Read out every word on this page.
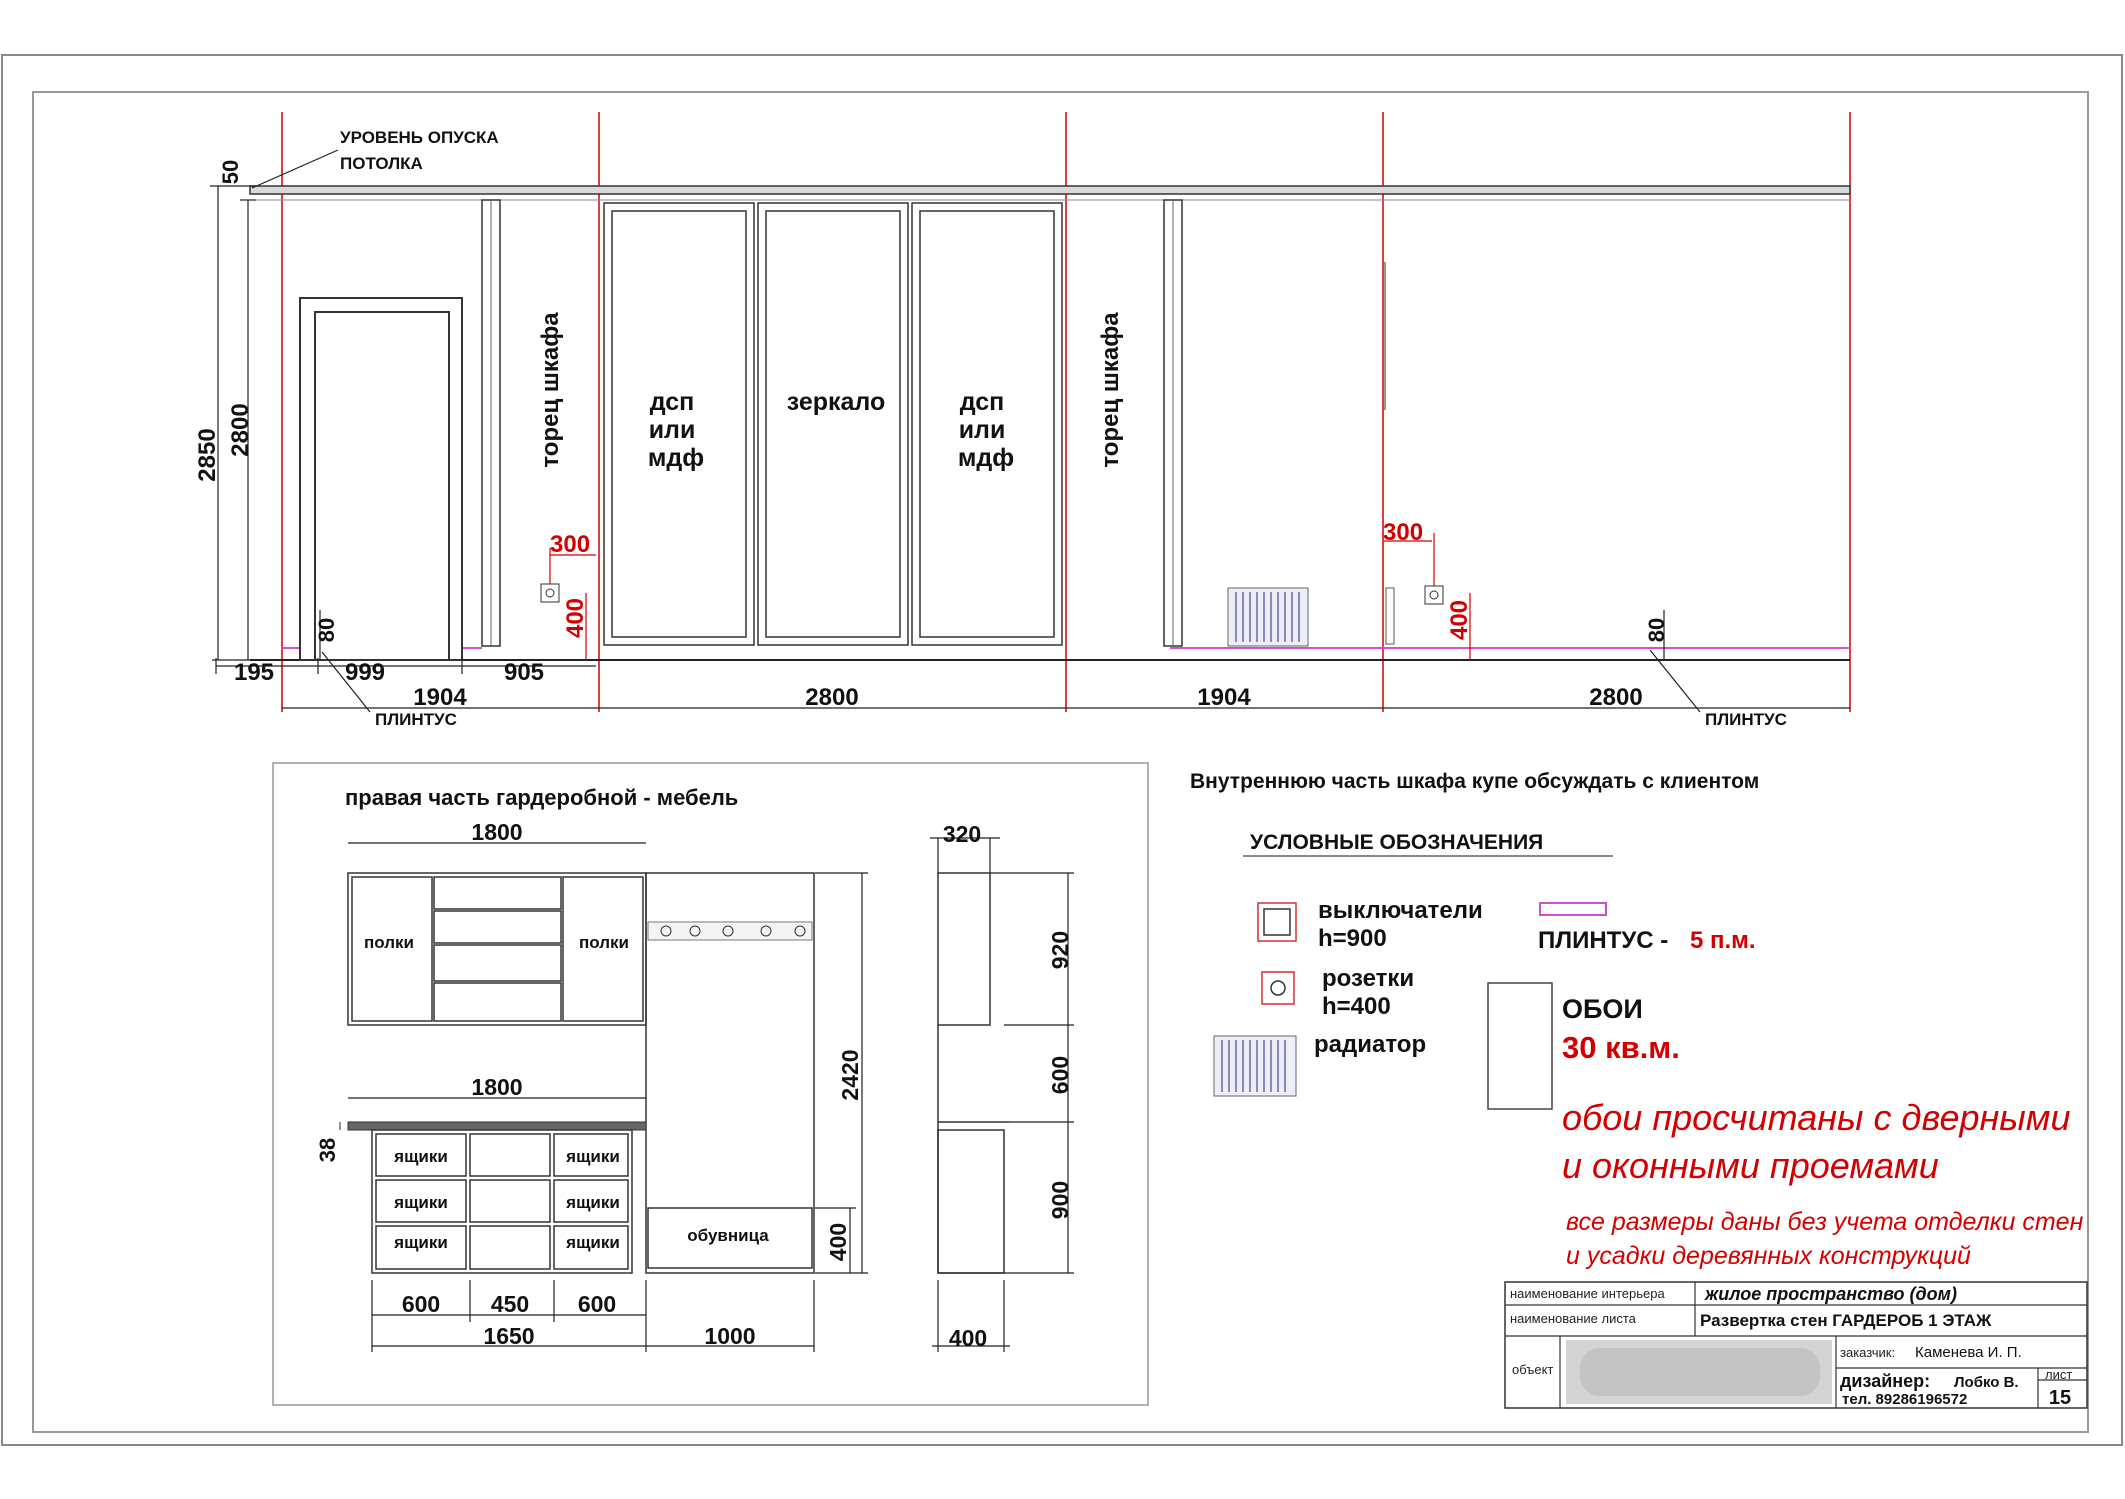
2850 2800
50
УРОВЕНЬ ОПУСКА
ПОТОЛКА
торец шкафа	торец шкафа
дсп
или
мдф
зеркало	дсп
или
мдф
300
400
300
400
80	80
195	999	905
1904	2800	1904	2800
ПЛИНТУС	ПЛИНТУС
правая часть гардеробной - мебель
1800
полки	полки
обувница
2420
400
1800
38	ящики
ящики
ящики
ящики
ящики
ящики
600 450 600
1650	1000
320
920
600
900
400
Внутреннюю часть шкафа купе обсуждать с клиентом
УСЛОВНЫЕ ОБОЗНАЧЕНИЯ
выключатели
h=900
розетки
h=400
радиатор
ПЛИНТУС - 5 п.м.
ОБОИ
30 кв.м.
обои просчитаны с дверными
и оконными проемами
все размеры даны без учета отделки стен
и усадки деревянных конструкций
наименование интерьера жилое пространство (дом)
наименование листа	Развертка стен ГАРДЕРОБ 1 ЭТАЖ
объект
заказчик: Каменева И. П.
дизайнер: Лобко В.
тел. 89286196572
лист
15
